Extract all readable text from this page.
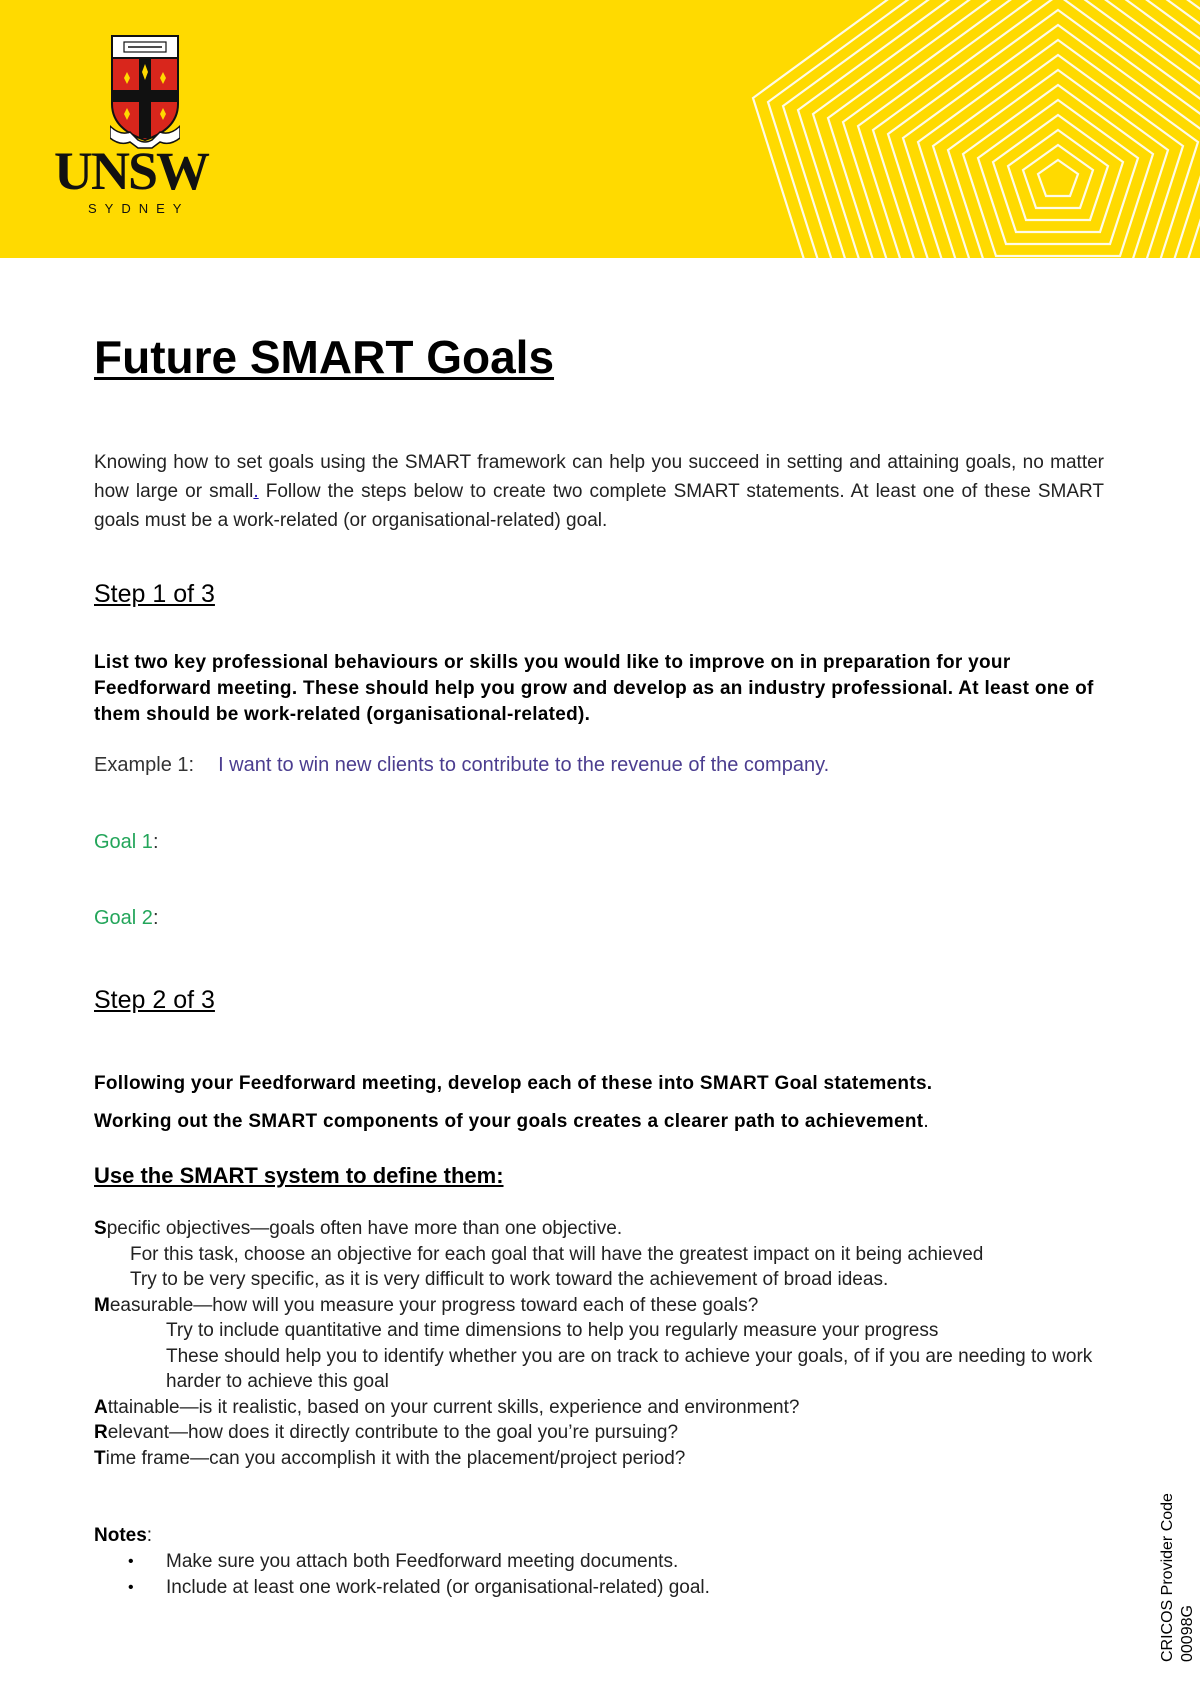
UNSW
SYDNEY
Future SMART Goals

Knowing how to set goals using the SMART framework can help you succeed in setting and attaining goals, no matter how large or small. Follow the steps below to create two complete SMART statements. At least one of these SMART goals must be a work-related (or organisational-related) goal.

Step 1 of 3

List two key professional behaviours or skills you would like to improve on in preparation for your Feedforward meeting. These should help you grow and develop as an industry professional. At least one of them should be work-related (organisational-related).

Example 1: I want to win new clients to contribute to the revenue of the company.
Goal 1:
Goal 2:
Step 2 of 3

Following your Feedforward meeting, develop each of these into SMART Goal statements.

Working out the SMART components of your goals creates a clearer path to achievement.

Use the SMART system to define them:
Specific objectives—goals often have more than one objective.
For this task, choose an objective for each goal that will have the greatest impact on it being achieved
Try to be very specific, as it is very difficult to work toward the achievement of broad ideas.
Measurable—how will you measure your progress toward each of these goals?
Try to include quantitative and time dimensions to help you regularly measure your progress
These should help you to identify whether you are on track to achieve your goals, of if you are needing to work harder to achieve this goal
Attainable—is it realistic, based on your current skills, experience and environment?
Relevant—how does it directly contribute to the goal you’re pursuing?
Time frame—can you accomplish it with the placement/project period?
Notes:
• Make sure you attach both Feedforward meeting documents.
• Include at least one work-related (or organisational-related) goal.	CRICOS Provider Code 00098G
